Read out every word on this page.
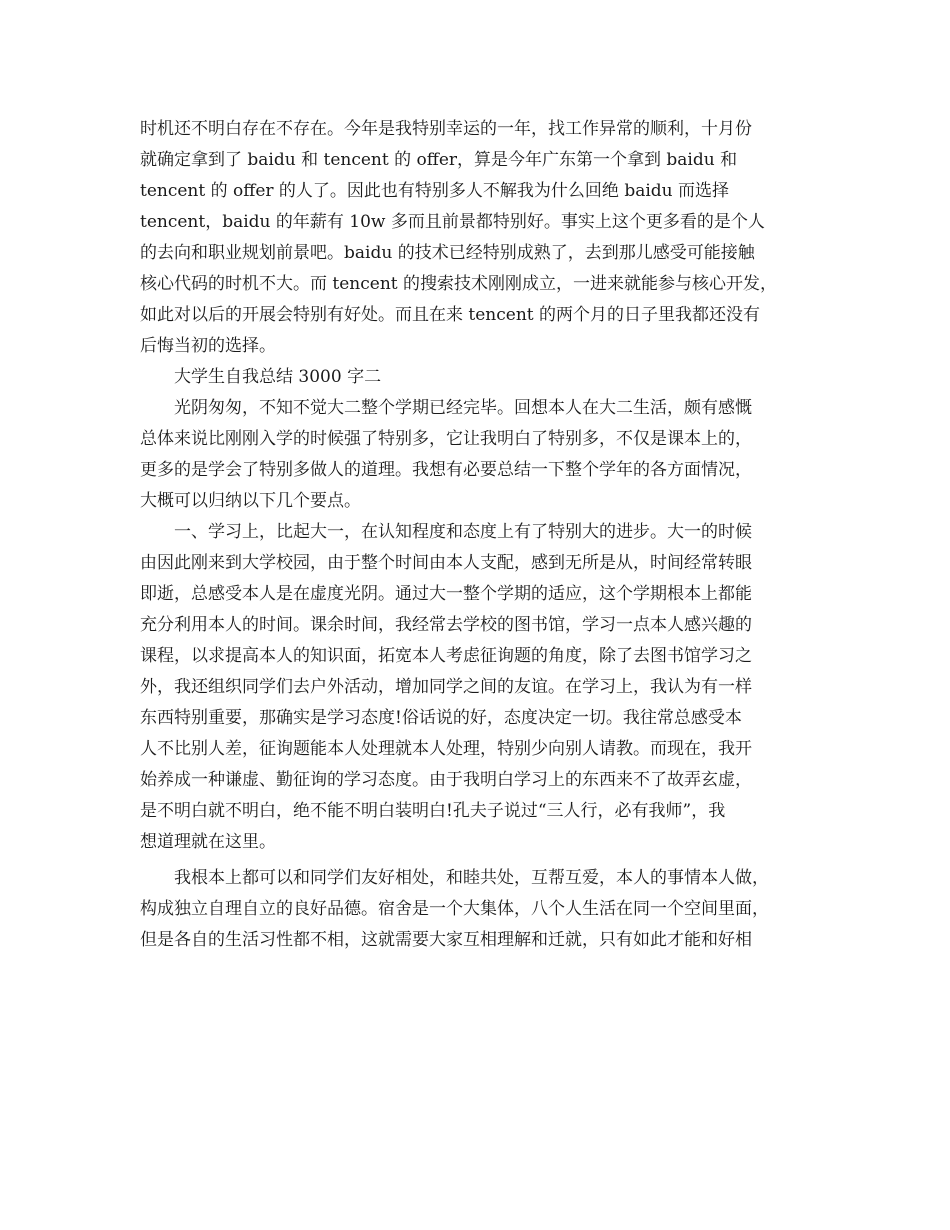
时机还不明白存在不存在。今年是我特别幸运的一年，找工作异常的顺利，十月份
就确定拿到了 baidu 和 tencent 的 offer，算是今年广东第一个拿到 baidu 和
tencent 的 offer 的人了。因此也有特别多人不解我为什么回绝 baidu 而选择
tencent，baidu 的年薪有 10w 多而且前景都特别好。事实上这个更多看的是个人
的去向和职业规划前景吧。baidu 的技术已经特别成熟了，去到那儿感受可能接触
核心代码的时机不大。而 tencent 的搜索技术刚刚成立，一进来就能参与核心开发，
如此对以后的开展会特别有好处。而且在来 tencent 的两个月的日子里我都还没有
后悔当初的选择。
大学生自我总结 3000 字二
光阴匆匆，不知不觉大二整个学期已经完毕。回想本人在大二生活，颇有感慨
总体来说比刚刚入学的时候强了特别多，它让我明白了特别多，不仅是课本上的，
更多的是学会了特别多做人的道理。我想有必要总结一下整个学年的各方面情况，
大概可以归纳以下几个要点。
一、学习上，比起大一，在认知程度和态度上有了特别大的进步。大一的时候
由因此刚来到大学校园，由于整个时间由本人支配，感到无所是从，时间经常转眼
即逝，总感受本人是在虚度光阴。通过大一整个学期的适应，这个学期根本上都能
充分利用本人的时间。课余时间，我经常去学校的图书馆，学习一点本人感兴趣的
课程，以求提高本人的知识面，拓宽本人考虑征询题的角度，除了去图书馆学习之
外，我还组织同学们去户外活动，增加同学之间的友谊。在学习上，我认为有一样
东西特别重要，那确实是学习态度!俗话说的好，态度决定一切。我往常总感受本
人不比别人差，征询题能本人处理就本人处理，特别少向别人请教。而现在，我开
始养成一种谦虚、勤征询的学习态度。由于我明白学习上的东西来不了故弄玄虚，
是不明白就不明白，绝不能不明白装明白!孔夫子说过“三人行，必有我师”，我
想道理就在这里。
我根本上都可以和同学们友好相处，和睦共处，互帮互爱，本人的事情本人做，
构成独立自理自立的良好品德。宿舍是一个大集体，八个人生活在同一个空间里面，
但是各自的生活习性都不相，这就需要大家互相理解和迁就，只有如此才能和好相
